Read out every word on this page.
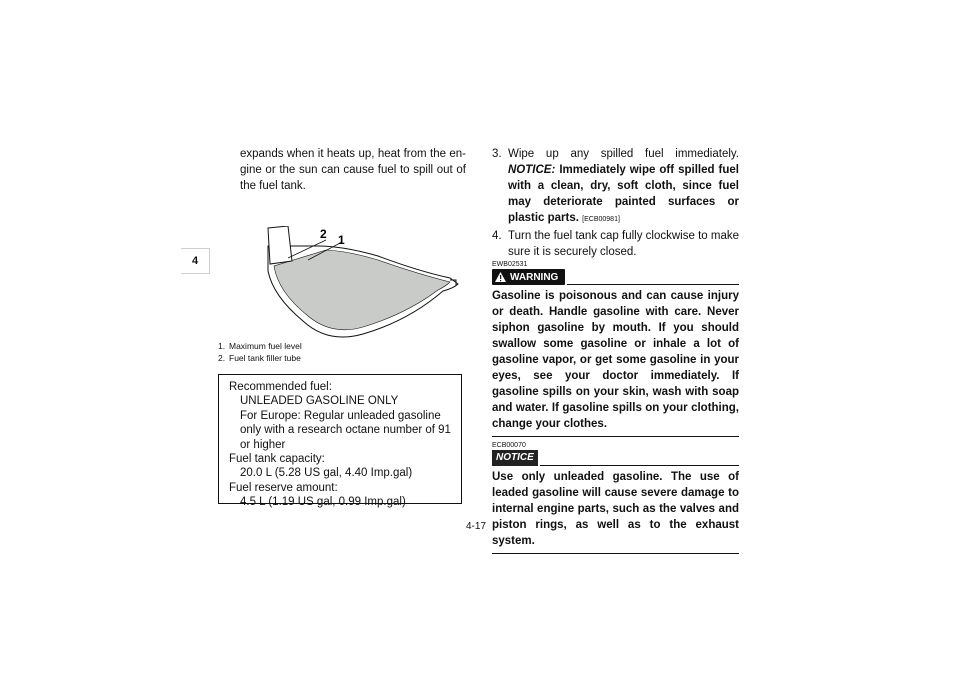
4

expands when it heats up, heat from the en-gine or the sun can cause fuel to spill out of the fuel tank.

2 1
1. Maximum fuel level
2. Fuel tank filler tube
Recommended fuel:
UNLEADED GASOLINE ONLY
For Europe: Regular unleaded gasoline only with a research octane number of 91 or higher
Fuel tank capacity:
20.0 L (5.28 US gal, 4.40 Imp.gal)
Fuel reserve amount:
4.5 L (1.19 US gal, 0.99 Imp.gal)
3. Wipe up any spilled fuel immediately. NOTICE: Immediately wipe off spilled fuel with a clean, dry, soft cloth, since fuel may deteriorate painted surfaces or plastic parts. [ECB00981]
4. Turn the fuel tank cap fully clockwise to make sure it is securely closed.
EWB02531
WARNING
Gasoline is poisonous and can cause injury or death. Handle gasoline with care. Never siphon gasoline by mouth. If you should swallow some gasoline or inhale a lot of gasoline vapor, or get some gasoline in your eyes, see your doctor immediately. If gasoline spills on your skin, wash with soap and water. If gasoline spills on your clothing, change your clothes.
ECB00070
NOTICE
Use only unleaded gasoline. The use of leaded gasoline will cause severe damage to internal engine parts, such as the valves and piston rings, as well as to the exhaust system.
4-17
